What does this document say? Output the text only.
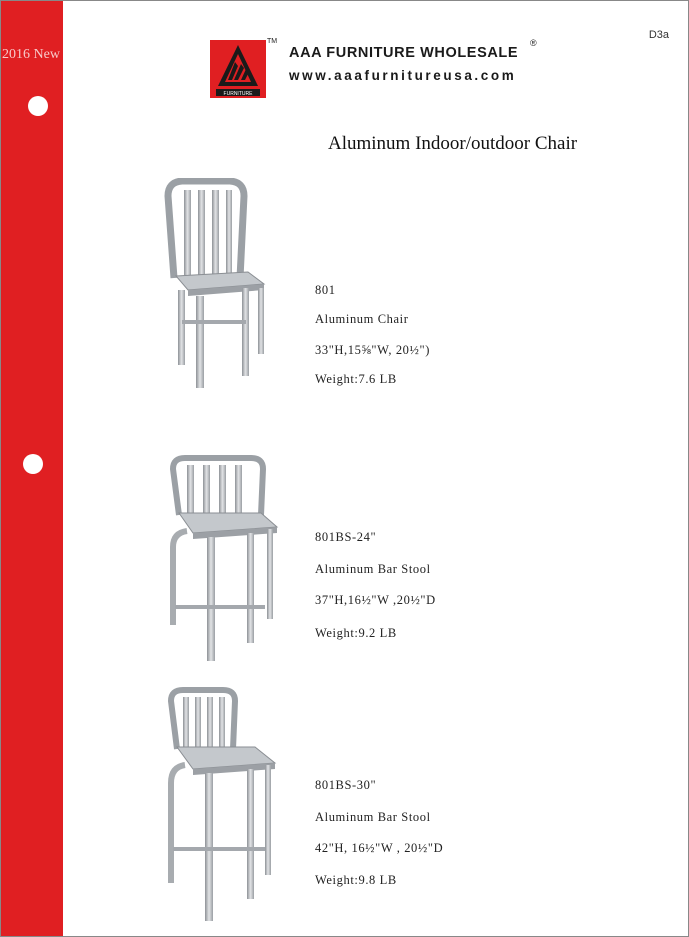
2016 New
D3a
FURNITURE
TM
AAA FURNITURE WHOLESALE
®
www.aaafurnitureusa.com
Aluminum Indoor/outdoor Chair
801
Aluminum Chair
33"H,15⅝"W, 20½")
Weight:7.6 LB
801BS-24"
Aluminum Bar Stool
37"H,16½"W ,20½"D
Weight:9.2 LB
801BS-30"
Aluminum Bar Stool
42"H, 16½"W , 20½"D
Weight:9.8 LB
